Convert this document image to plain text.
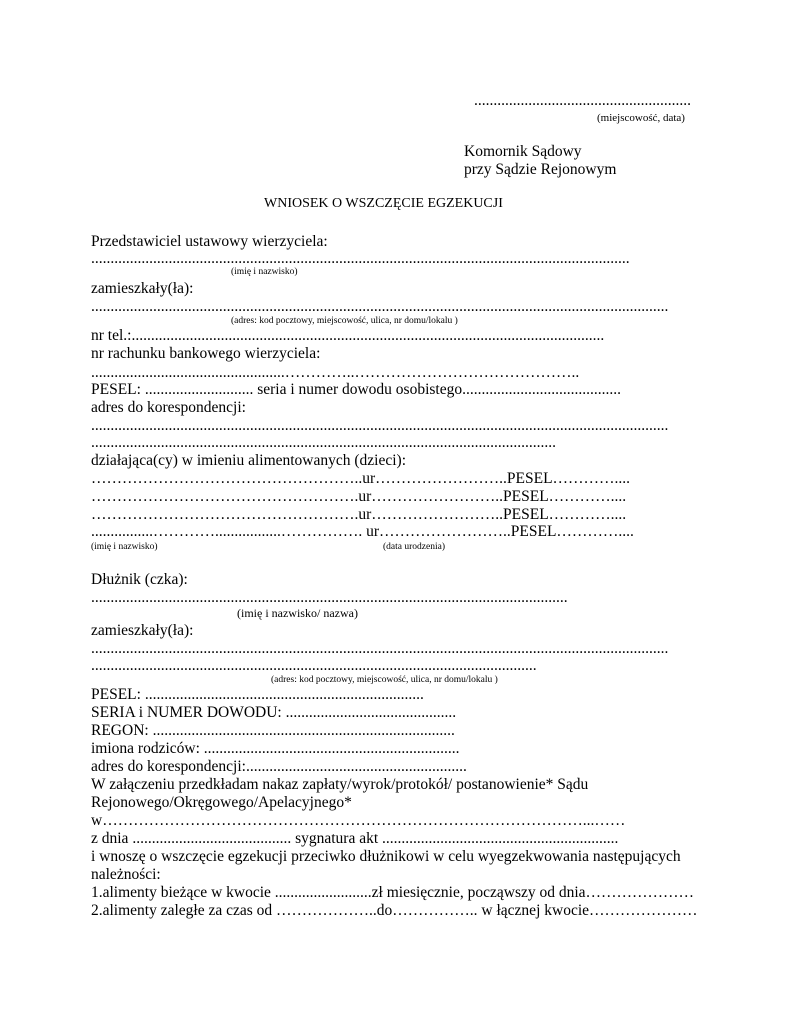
........................................................
(miejscowość, data)
Komornik Sądowy
przy Sądzie Rejonowym
WNIOSEK O WSZCZĘCIE EGZEKUCJI
Przedstawiciel ustawowy wierzyciela:
...........................................................................................................................................
(imię i nazwisko)
zamieszkały(ła):
.....................................................................................................................................................
(adres: kod pocztowy, miejscowość, ulica, nr domu/lokalu )
nr tel.:..........................................................................................................................
nr rachunku bankowego wierzyciela:
..................................................…………..……………………………………..
PESEL: ............................ seria i numer dowodu osobistego.........................................
adres do korespondencji:
.....................................................................................................................................................
........................................................................................................................
działająca(cy) w imieniu alimentowanych (dzieci):
……………………………………………..ur……………………..PESEL…………....
…………………………………………….ur……………………..PESEL…………....
…………………………………………….ur……………………..PESEL…………....
................………….................……………. ur……………………..PESEL…………....
(imię i nazwisko)	(data urodzenia)
Dłużnik (czka):
...........................................................................................................................
(imię i nazwisko/ nazwa)
zamieszkały(ła):
.....................................................................................................................................................
...................................................................................................................
(adres: kod pocztowy, miejscowość, ulica, nr domu/lokalu )
PESEL: ........................................................................
SERIA i NUMER DOWODU: ............................................
REGON: ..............................................................................
imiona rodziców: ..................................................................
adres do korespondencji:.........................................................
W załączeniu przedkładam nakaz zapłaty/wyrok/protokół/ postanowienie* Sądu
Rejonowego/Okręgowego/Apelacyjnego*
w…………………………………………………………………………………...……
z dnia ......................................... sygnatura akt .............................................................
i wnoszę o wszczęcie egzekucji przeciwko dłużnikowi w celu wyegzekwowania następujących
należności:
1.alimenty bieżące w kwocie .........................zł miesięcznie, począwszy od dnia…………………
2.alimenty zaległe za czas od ………………..do…………….. w łącznej kwocie…………………
